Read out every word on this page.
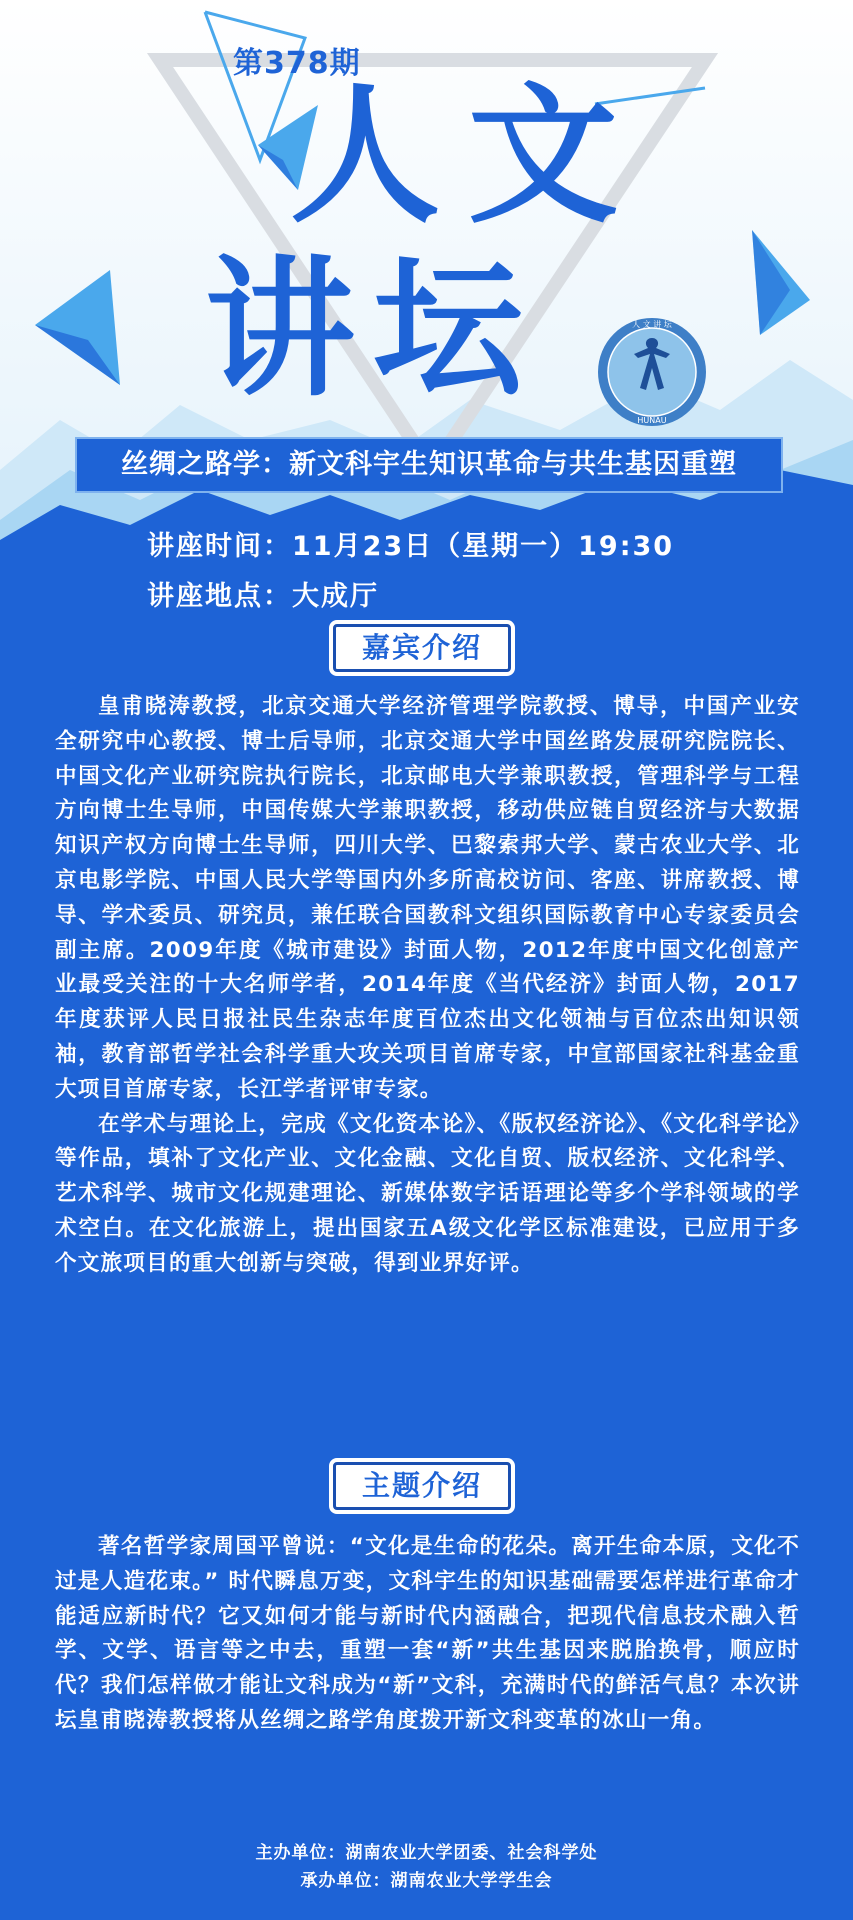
第378期
人文
讲坛	人 文 讲 坛
HUNAU
丝绸之路学：新文科宇生知识革命与共生基因重塑
讲座时间：11月23日（星期一）19:30
讲座地点：大成厅
嘉宾介绍

皇甫晓涛教授，北京交通大学经济管理学院教授、博导，中国产业安全研究中心教授、博士后导师，北京交通大学中国丝路发展研究院院长、中国文化产业研究院执行院长，北京邮电大学兼职教授，管理科学与工程方向博士生导师，中国传媒大学兼职教授，移动供应链自贸经济与大数据知识产权方向博士生导师，四川大学、巴黎索邦大学、蒙古农业大学、北京电影学院、中国人民大学等国内外多所高校访问、客座、讲席教授、博导、学术委员、研究员，兼任联合国教科文组织国际教育中心专家委员会副主席。2009年度《城市建设》封面人物，2012年度中国文化创意产业最受关注的十大名师学者，2014年度《当代经济》封面人物，2017年度获评人民日报社民生杂志年度百位杰出文化领袖与百位杰出知识领袖，教育部哲学社会科学重大攻关项目首席专家，中宣部国家社科基金重大项目首席专家，长江学者评审专家。

在学术与理论上，完成《文化资本论》、《版权经济论》、《文化科学论》等作品，填补了文化产业、文化金融、文化自贸、版权经济、文化科学、艺术科学、城市文化规建理论、新媒体数字话语理论等多个学科领域的学术空白。在文化旅游上，提出国家五A级文化学区标准建设，已应用于多个文旅项目的重大创新与突破，得到业界好评。

主题介绍

著名哲学家周国平曾说：“文化是生命的花朵。离开生命本原，文化不过是人造花束。” 时代瞬息万变，文科宇生的知识基础需要怎样进行革命才能适应新时代？它又如何才能与新时代内涵融合，把现代信息技术融入哲学、文学、语言等之中去，重塑一套“新”共生基因来脱胎换骨，顺应时代？我们怎样做才能让文科成为“新”文科，充满时代的鲜活气息？本次讲坛皇甫晓涛教授将从丝绸之路学角度拨开新文科变革的冰山一角。

主办单位：湖南农业大学团委、社会科学处
承办单位：湖南农业大学学生会
